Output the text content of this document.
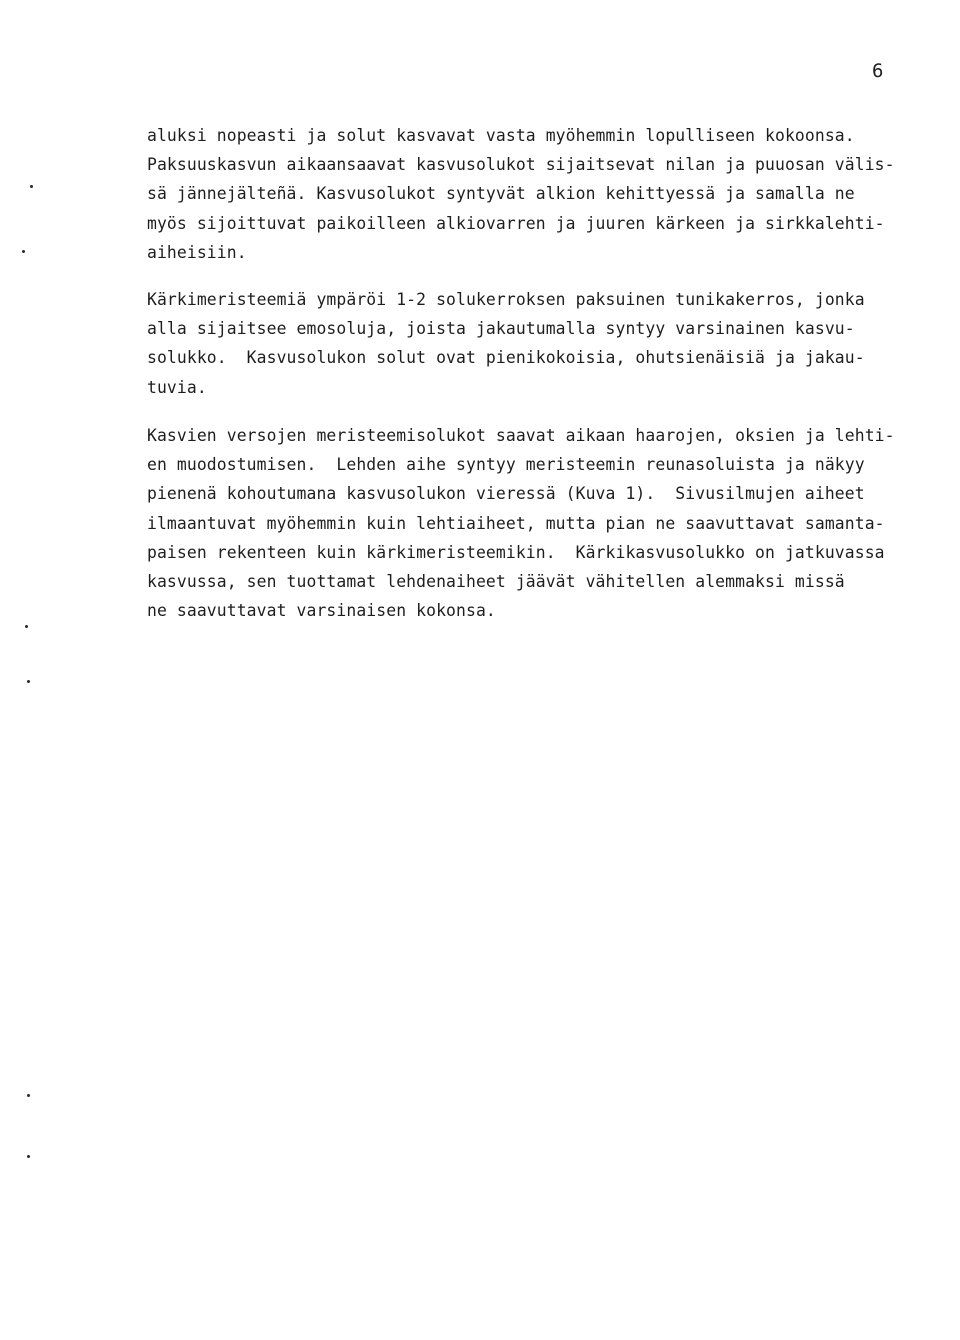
6
aluksi nopeasti ja solut kasvavat vasta myöhemmin lopulliseen kokoonsa.
Paksuuskasvun aikaansaavat kasvusolukot sijaitsevat nilan ja puuosan välis-
sä jännejälteñä. Kasvusolukot syntyvät alkion kehittyessä ja samalla ne
myös sijoittuvat paikoilleen alkiovarren ja juuren kärkeen ja sirkkalehti-
aiheisiin.
Kärkimeristeemiä ympäröi 1-2 solukerroksen paksuinen tunikakerros, jonka
alla sijaitsee emosoluja, joista jakautumalla syntyy varsinainen kasvu-
solukko.  Kasvusolukon solut ovat pienikokoisia, ohutsienäisiä ja jakau-
tuvia.
Kasvien versojen meristeemisolukot saavat aikaan haarojen, oksien ja lehti-
en muodostumisen.  Lehden aihe syntyy meristeemin reunasoluista ja näkyy
pienenä kohoutumana kasvusolukon vieressä (Kuva 1).  Sivusilmujen aiheet
ilmaantuvat myöhemmin kuin lehtiaiheet, mutta pian ne saavuttavat samanta-
paisen rekenteen kuin kärkimeristeemikin.  Kärkikasvusolukko on jatkuvassa
kasvussa, sen tuottamat lehdenaiheet jäävät vähitellen alemmaksi missä
ne saavuttavat varsinaisen kokonsa.
